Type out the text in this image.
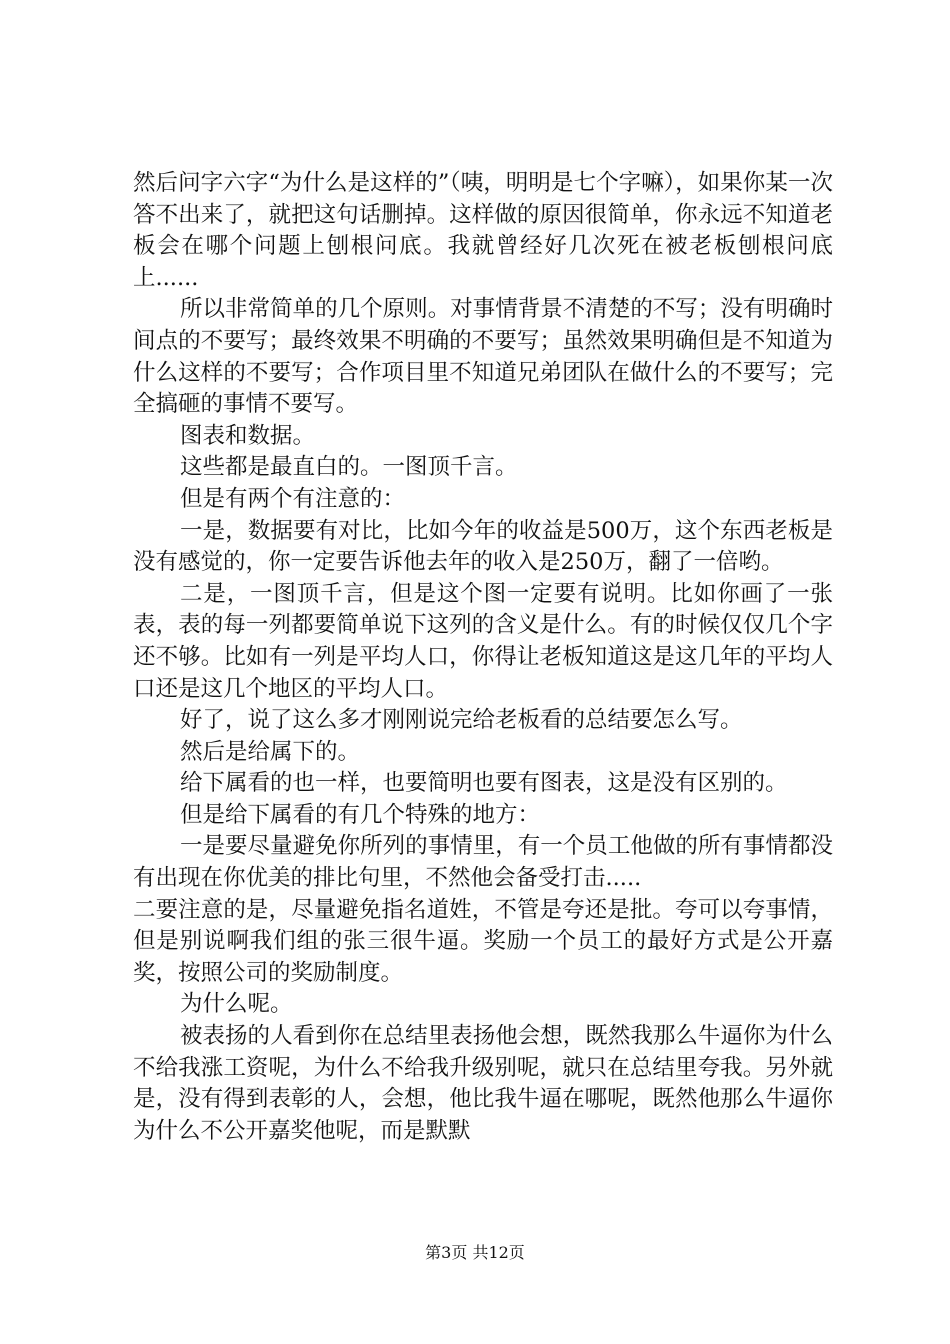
然后问字六字“为什么是这样的”（咦，明明是七个字嘛），如果你某一次答不出来了，就把这句话删掉。这样做的原因很简单，你永远不知道老板会在哪个问题上刨根问底。我就曾经好几次死在被老板刨根问底上......

所以非常简单的几个原则。对事情背景不清楚的不写；没有明确时间点的不要写；最终效果不明确的不要写；虽然效果明确但是不知道为什么这样的不要写；合作项目里不知道兄弟团队在做什么的不要写；完全搞砸的事情不要写。

图表和数据。

这些都是最直白的。一图顶千言。

但是有两个有注意的：

一是，数据要有对比，比如今年的收益是500万，这个东西老板是没有感觉的，你一定要告诉他去年的收入是250万，翻了一倍哟。

二是，一图顶千言，但是这个图一定要有说明。比如你画了一张表，表的每一列都要简单说下这列的含义是什么。有的时候仅仅几个字还不够。比如有一列是平均人口，你得让老板知道这是这几年的平均人口还是这几个地区的平均人口。

好了，说了这么多才刚刚说完给老板看的总结要怎么写。

然后是给属下的。

给下属看的也一样，也要简明也要有图表，这是没有区别的。

但是给下属看的有几个特殊的地方：

一是要尽量避免你所列的事情里，有一个员工他做的所有事情都没有出现在你优美的排比句里，不然他会备受打击.....

二要注意的是，尽量避免指名道姓，不管是夸还是批。夸可以夸事情，但是别说啊我们组的张三很牛逼。奖励一个员工的最好方式是公开嘉奖，按照公司的奖励制度。

为什么呢。

被表扬的人看到你在总结里表扬他会想，既然我那么牛逼你为什么不给我涨工资呢，为什么不给我升级别呢，就只在总结里夸我。另外就是，没有得到表彰的人，会想，他比我牛逼在哪呢，既然他那么牛逼你为什么不公开嘉奖他呢，而是默默

第3页 共12页
